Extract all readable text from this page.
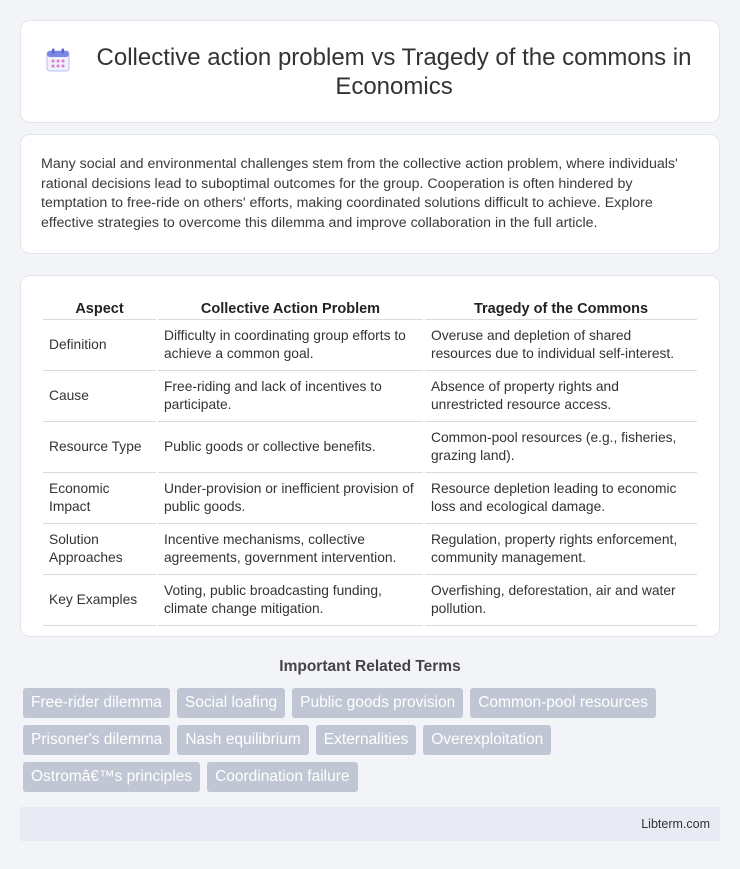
Collective action problem vs Tragedy of the commons in Economics

Many social and environmental challenges stem from the collective action problem, where individuals' rational decisions lead to suboptimal outcomes for the group. Cooperation is often hindered by temptation to free-ride on others' efforts, making coordinated solutions difficult to achieve. Explore effective strategies to overcome this dilemma and improve collaboration in the full article.

Aspect	Collective Action Problem	Tragedy of the Commons
Definition	Difficulty in coordinating group efforts to achieve a common goal.	Overuse and depletion of shared resources due to individual self-interest.
Cause	Free-riding and lack of incentives to participate.	Absence of property rights and unrestricted resource access.
Resource Type	Public goods or collective benefits.	Common-pool resources (e.g., fisheries, grazing land).
Economic Impact	Under-provision or inefficient provision of public goods.	Resource depletion leading to economic loss and ecological damage.
Solution Approaches	Incentive mechanisms, collective agreements, government intervention.	Regulation, property rights enforcement, community management.
Key Examples	Voting, public broadcasting funding, climate change mitigation.	Overfishing, deforestation, air and water pollution.
Important Related Terms
Free-rider dilemma	Social loafing	Public goods provision	Common-pool resources
Prisoner's dilemma	Nash equilibrium	Externalities	Overexploitation
Ostromâ€™s principles	Coordination failure
Libterm.com
